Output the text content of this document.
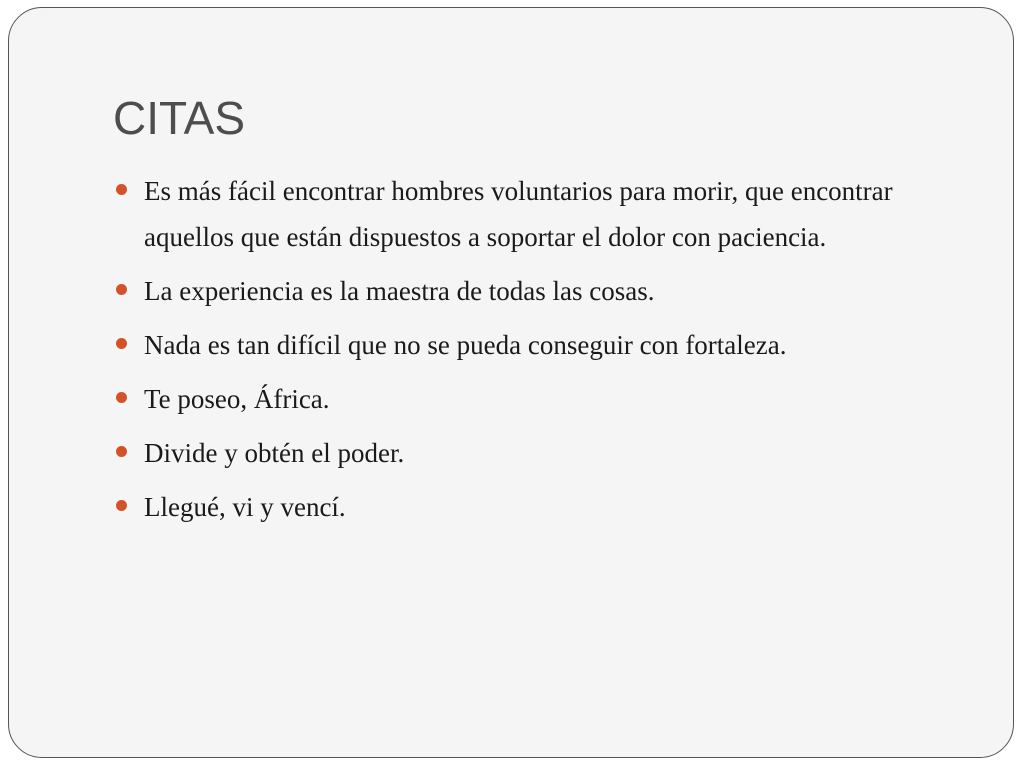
CITAS
Es más fácil encontrar hombres voluntarios para morir, que encontrar aquellos que están dispuestos a soportar el dolor con paciencia.
La experiencia es la maestra de todas las cosas.
Nada es tan difícil que no se pueda conseguir con fortaleza.
Te poseo, África.
Divide y obtén el poder.
Llegué, vi y vencí.
